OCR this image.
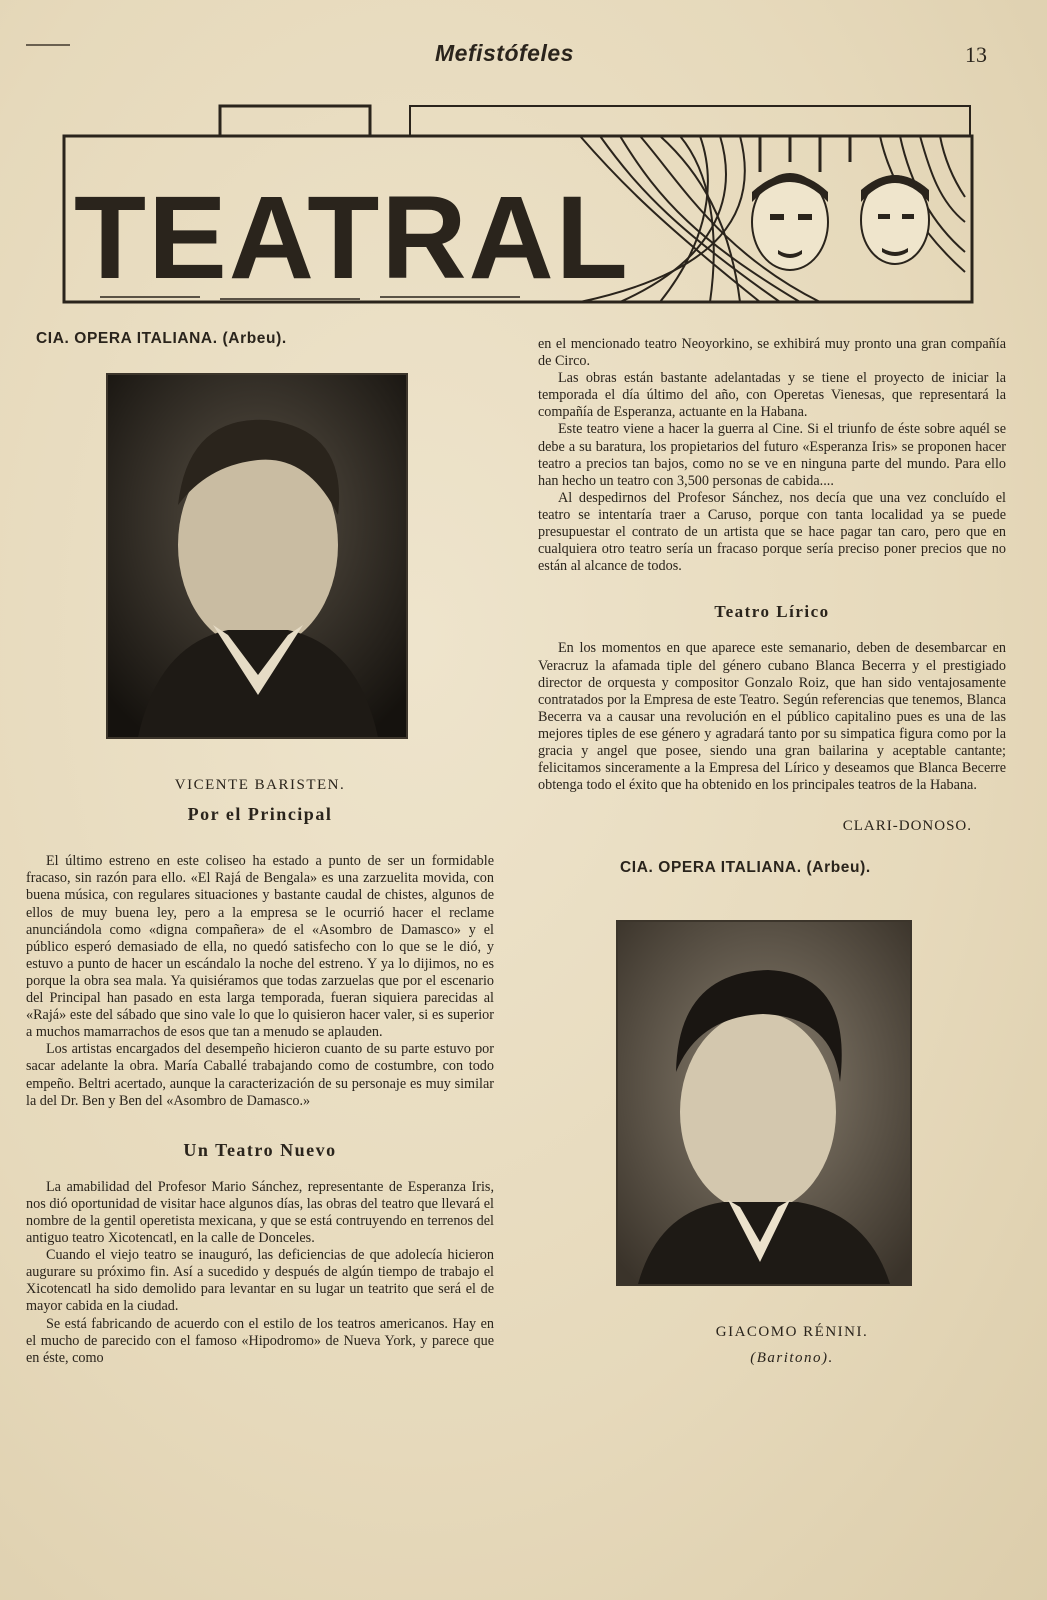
Mefistófeles	13
TEATRAL
CIA. OPERA ITALIANA. (Arbeu).
VICENTE BARISTEN.
Por el Principal

El último estreno en este coliseo ha estado a punto de ser un formidable fracaso, sin razón para ello. «El Rajá de Bengala» es una zarzuelita movida, con buena música, con regulares situaciones y bastante caudal de chistes, algunos de ellos de muy buena ley, pero a la empresa se le ocurrió hacer el reclame anunciándola como «digna compañera» de el «Asombro de Damasco» y el público esperó demasiado de ella, no quedó satisfecho con lo que se le dió, y estuvo a punto de hacer un escándalo la noche del estreno. Y ya lo dijimos, no es porque la obra sea mala. Ya quisiéramos que todas zarzuelas que por el escenario del Principal han pasado en esta larga temporada, fueran siquiera parecidas al «Rajá» este del sábado que sino vale lo que lo quisieron hacer valer, si es superior a muchos mamarrachos de esos que tan a menudo se aplauden.

Los artistas encargados del desempeño hicieron cuanto de su parte estuvo por sacar adelante la obra. María Caballé trabajando como de costumbre, con todo empeño. Beltri acertado, aunque la caracterización de su personaje es muy similar la del Dr. Ben y Ben del «Asombro de Damasco.»

Un Teatro Nuevo

La amabilidad del Profesor Mario Sánchez, representante de Esperanza Iris, nos dió oportunidad de visitar hace algunos días, las obras del teatro que llevará el nombre de la gentil operetista mexicana, y que se está contruyendo en terrenos del antiguo teatro Xicotencatl, en la calle de Donceles.

Cuando el viejo teatro se inauguró, las deficiencias de que adolecía hicieron augurare su próximo fin. Así a sucedido y después de algún tiempo de trabajo el Xicotencatl ha sido demolido para levantar en su lugar un teatrito que será el de mayor cabida en la ciudad.

Se está fabricando de acuerdo con el estilo de los teatros americanos. Hay en el mucho de parecido con el famoso «Hipodromo» de Nueva York, y parece que en éste, como

en el mencionado teatro Neoyorkino, se exhibirá muy pronto una gran compañía de Circo.

Las obras están bastante adelantadas y se tiene el proyecto de iniciar la temporada el día último del año, con Operetas Vienesas, que representará la compañía de Esperanza, actuante en la Habana.

Este teatro viene a hacer la guerra al Cine. Si el triunfo de éste sobre aquél se debe a su baratura, los propietarios del futuro «Esperanza Iris» se proponen hacer teatro a precios tan bajos, como no se ve en ninguna parte del mundo. Para ello han hecho un teatro con 3,500 personas de cabida....

Al despedirnos del Profesor Sánchez, nos decía que una vez concluído el teatro se intentaría traer a Caruso, porque con tanta localidad ya se puede presupuestar el contrato de un artista que se hace pagar tan caro, pero que en cualquiera otro teatro sería un fracaso porque sería preciso poner precios que no están al alcance de todos.

Teatro Lírico

En los momentos en que aparece este semanario, deben de desembarcar en Veracruz la afamada tiple del género cubano Blanca Becerra y el prestigiado director de orquesta y compositor Gonzalo Roiz, que han sido ventajosamente contratados por la Empresa de este Teatro. Según referencias que tenemos, Blanca Becerra va a causar una revolución en el público capitalino pues es una de las mejores tiples de ese género y agradará tanto por su simpatica figura como por la gracia y angel que posee, siendo una gran bailarina y aceptable cantante; felicitamos sinceramente a la Empresa del Lírico y deseamos que Blanca Becerre obtenga todo el éxito que ha obtenido en los principales teatros de la Habana.

CLARI-DONOSO.
CIA. OPERA ITALIANA. (Arbeu).
GIACOMO RÉNINI.
(Baritono).
